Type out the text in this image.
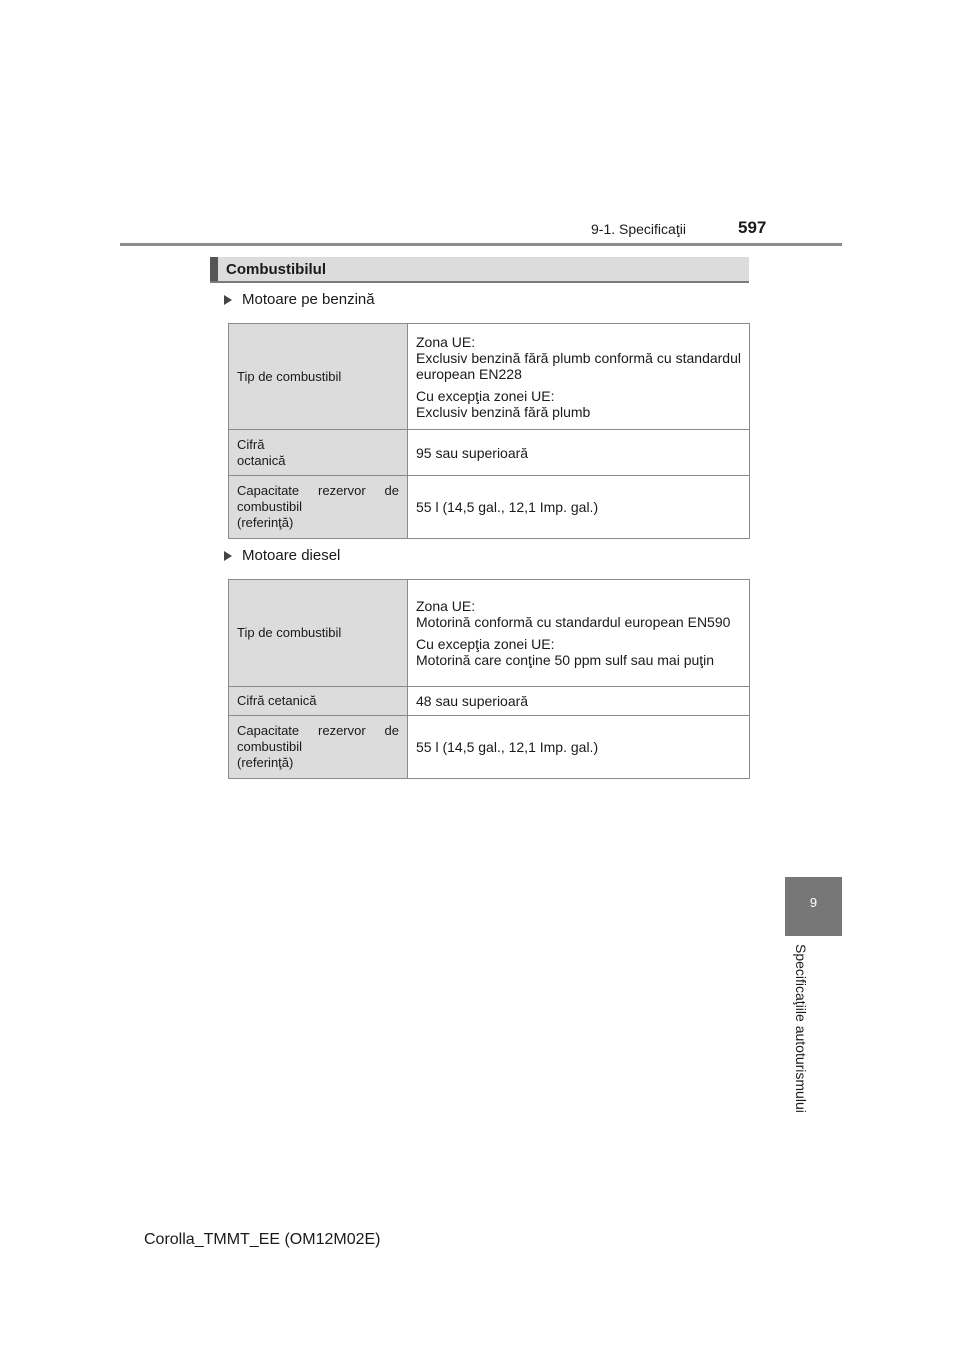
9-1. Specificaţii	597
Combustibilul
Motoare pe benzină
Tip de combustibil	Zona UE:
Exclusiv benzină fără plumb conformă cu standardul european EN228

Cu excepţia zonei UE:
Exclusiv benzină fără plumb

Cifră
octanică	95 sau superioară
Capacitate rezervor de combustibil
(referinţă)	55 l (14,5 gal., 12,1 Imp. gal.)
Motoare diesel
Tip de combustibil	Zona UE:
Motorină conformă cu standardul european EN590

Cu excepţia zonei UE:
Motorină care conţine 50 ppm sulf sau mai puţin

Cifră cetanică	48 sau superioară
Capacitate rezervor de combustibil
(referinţă)	55 l (14,5 gal., 12,1 Imp. gal.)
9
Specificaţiile autoturismului
Corolla_TMMT_EE (OM12M02E)
